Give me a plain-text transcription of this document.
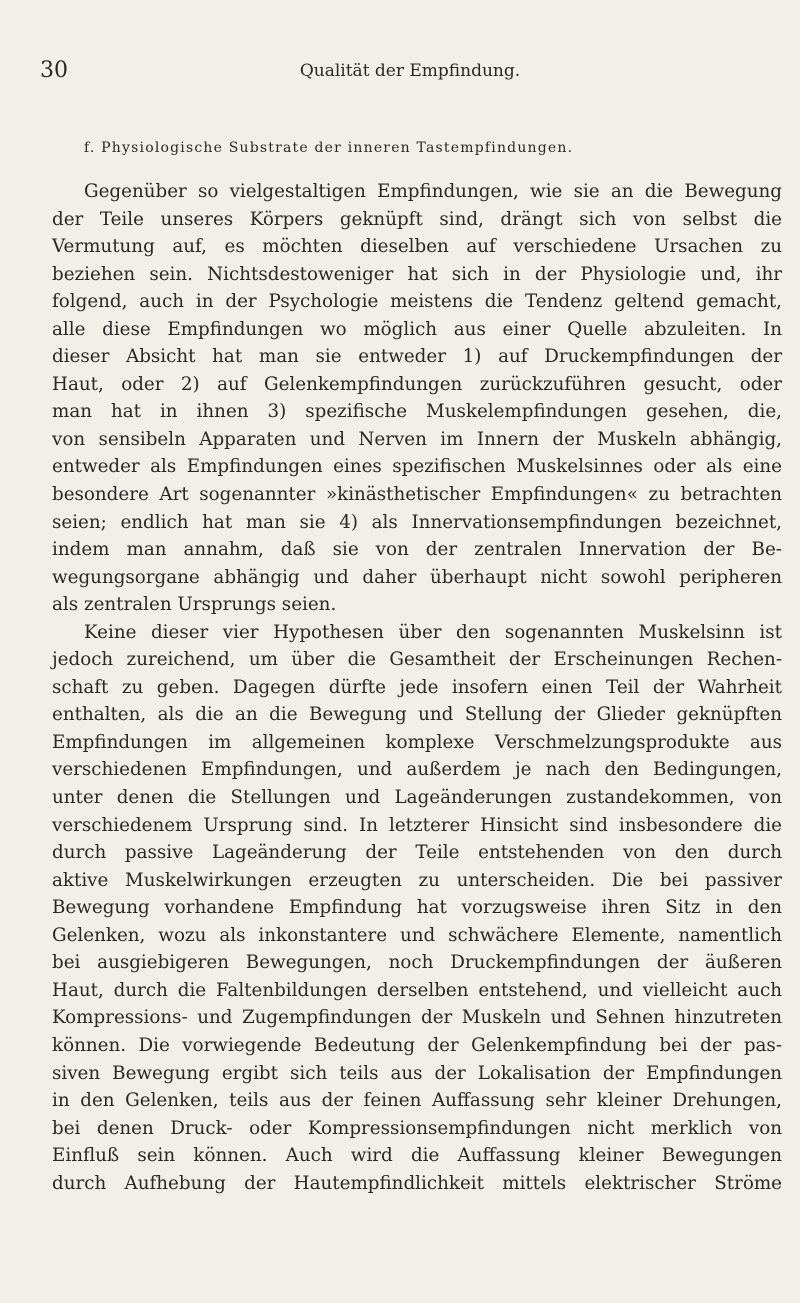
30	Qualität der Empfindung.
f. Physiologische Substrate der inneren Tastempfindungen.
Gegenüber so vielgestaltigen Empfindungen, wie sie an die Bewegung
der Teile unseres Körpers geknüpft sind, drängt sich von selbst die
Vermutung auf, es möchten dieselben auf verschiedene Ursachen zu
beziehen sein. Nichtsdestoweniger hat sich in der Physiologie und, ihr
folgend, auch in der Psychologie meistens die Tendenz geltend gemacht,
alle diese Empfindungen wo möglich aus einer Quelle abzuleiten. In
dieser Absicht hat man sie entweder 1) auf Druckempfindungen der
Haut, oder 2) auf Gelenkempfindungen zurückzuführen gesucht, oder
man hat in ihnen 3) spezifische Muskelempfindungen gesehen, die,
von sensibeln Apparaten und Nerven im Innern der Muskeln abhängig,
entweder als Empfindungen eines spezifischen Muskelsinnes oder als eine
besondere Art sogenannter »kinästhetischer Empfindungen« zu betrachten
seien; endlich hat man sie 4) als Innervationsempfindungen bezeichnet,
indem man annahm, daß sie von der zentralen Innervation der Be-
wegungsorgane abhängig und daher überhaupt nicht sowohl peripheren
als zentralen Ursprungs seien.
Keine dieser vier Hypothesen über den sogenannten Muskelsinn ist
jedoch zureichend, um über die Gesamtheit der Erscheinungen Rechen-
schaft zu geben. Dagegen dürfte jede insofern einen Teil der Wahrheit
enthalten, als die an die Bewegung und Stellung der Glieder geknüpften
Empfindungen im allgemeinen komplexe Verschmelzungsprodukte aus
verschiedenen Empfindungen, und außerdem je nach den Bedingungen,
unter denen die Stellungen und Lageänderungen zustandekommen, von
verschiedenem Ursprung sind. In letzterer Hinsicht sind insbesondere die
durch passive Lageänderung der Teile entstehenden von den durch
aktive Muskelwirkungen erzeugten zu unterscheiden. Die bei passiver
Bewegung vorhandene Empfindung hat vorzugsweise ihren Sitz in den
Gelenken, wozu als inkonstantere und schwächere Elemente, namentlich
bei ausgiebigeren Bewegungen, noch Druckempfindungen der äußeren
Haut, durch die Faltenbildungen derselben entstehend, und vielleicht auch
Kompressions- und Zugempfindungen der Muskeln und Sehnen hinzutreten
können. Die vorwiegende Bedeutung der Gelenkempfindung bei der pas-
siven Bewegung ergibt sich teils aus der Lokalisation der Empfindungen
in den Gelenken, teils aus der feinen Auffassung sehr kleiner Drehungen,
bei denen Druck- oder Kompressionsempfindungen nicht merklich von
Einfluß sein können. Auch wird die Auffassung kleiner Bewegungen
durch Aufhebung der Hautempfindlichkeit mittels elektrischer Ströme
